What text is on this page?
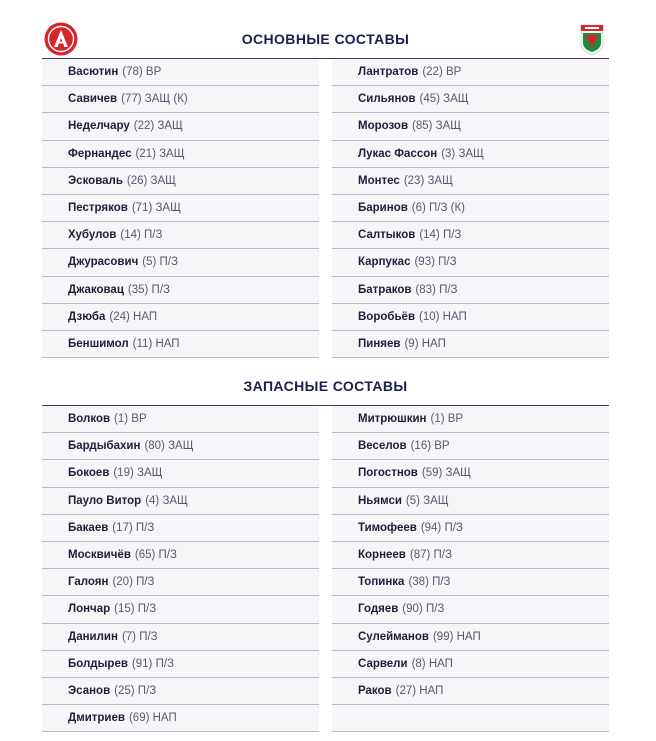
ОСНОВНЫЕ СОСТАВЫ
Васютин (78) ВР
Савичев (77) ЗАЩ (К)
Неделчару (22) ЗАЩ
Фернандес (21) ЗАЩ
Эсковаль (26) ЗАЩ
Пестряков (71) ЗАЩ
Хубулов (14) П/З
Джурасович (5) П/З
Джаковац (35) П/З
Дзюба (24) НАП
Беншимол (11) НАП
Лантратов (22) ВР
Сильянов (45) ЗАЩ
Морозов (85) ЗАЩ
Лукас Фассон (3) ЗАЩ
Монтес (23) ЗАЩ
Баринов (6) П/З (К)
Салтыков (14) П/З
Карпукас (93) П/З
Батраков (83) П/З
Воробьёв (10) НАП
Пиняев (9) НАП
ЗАПАСНЫЕ СОСТАВЫ
Волков (1) ВР
Бардыбахин (80) ЗАЩ
Бокоев (19) ЗАЩ
Пауло Витор (4) ЗАЩ
Бакаев (17) П/З
Москвичёв (65) П/З
Галоян (20) П/З
Лончар (15) П/З
Данилин (7) П/З
Болдырев (91) П/З
Эсанов (25) П/З
Дмитриев (69) НАП
Митрюшкин (1) ВР
Веселов (16) ВР
Погостнов (59) ЗАЩ
Ньямси (5) ЗАЩ
Тимофеев (94) П/З
Корнеев (87) П/З
Топинка (38) П/З
Годяев (90) П/З
Сулейманов (99) НАП
Сарвели (8) НАП
Раков (27) НАП
